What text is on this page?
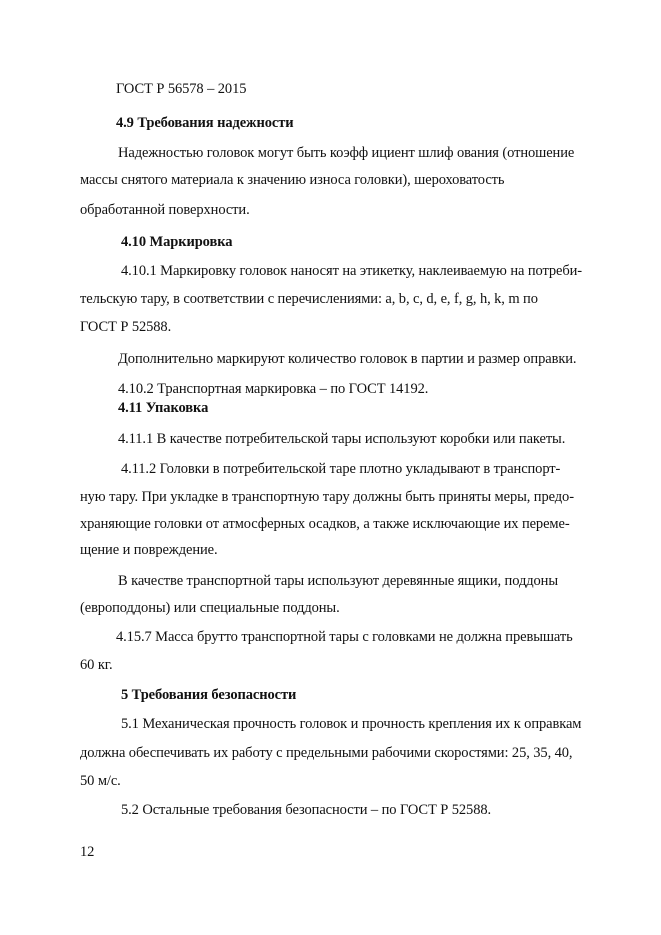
ГОСТ Р 56578 – 2015
4.9 Требования надежности
Надежностью головок могут быть коэфф ициент шлиф ования (отношение
массы снятого материала к значению износа головки), шероховатость
обработанной поверхности.
4.10 Маркировка
4.10.1 Маркировку головок наносят на этикетку, наклеиваемую на потреби-
тельскую тару, в соответствии с перечислениями: a, b, c, d, e, f, g, h, k, m по
ГОСТ Р 52588.
Дополнительно маркируют количество головок в партии и размер оправки.
4.10.2 Транспортная маркировка – по ГОСТ 14192.
4.11 Упаковка
4.11.1 В качестве потребительской тары используют коробки или пакеты.
4.11.2 Головки в потребительской таре плотно укладывают в транспорт-
ную тару. При укладке в транспортную тару должны быть приняты меры, предо-
храняющие головки от атмосферных осадков, а также исключающие их переме-
щение и повреждение.
В качестве транспортной тары используют деревянные ящики, поддоны
(европоддоны) или специальные поддоны.
4.15.7 Масса брутто транспортной тары с головками не должна превышать
60 кг.
5 Требования безопасности
5.1 Механическая прочность головок и прочность крепления их к оправкам
должна обеспечивать их работу с предельными рабочими скоростями: 25, 35, 40,
50 м/с.
5.2 Остальные требования безопасности – по ГОСТ Р 52588.
12
